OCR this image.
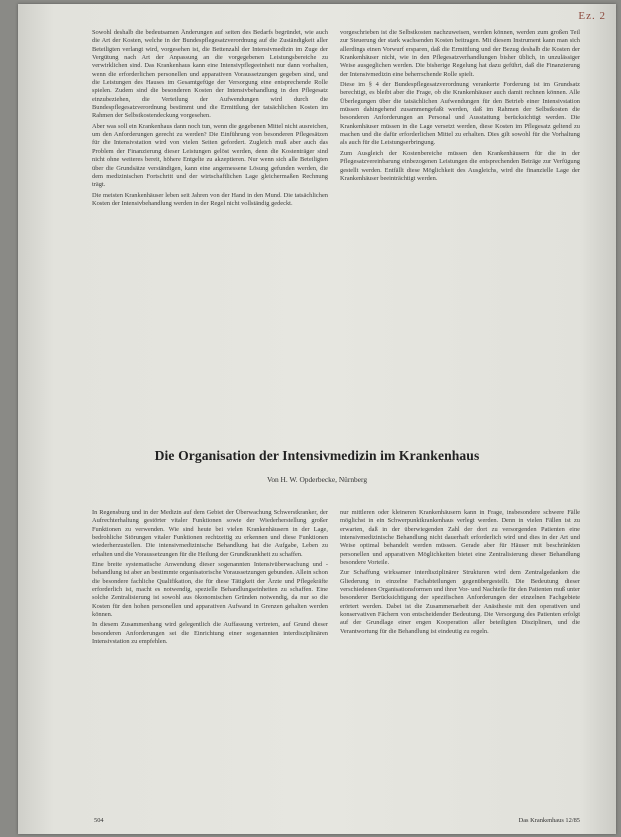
Ez. 2

Sowohl deshalb die bedeutsamen Änderungen auf seiten des Bedarfs begründet, wie auch die Art der Kosten, welche in der Bundespflegesatzverordnung auf die Zuständigkeit aller Beteiligten verlangt wird, vorgesehen ist, die Bettenzahl der Intensivmedizin im Zuge der Vergütung nach Art der Anpassung an die vorgegebenen Leistungsbereiche zu verwirklichen sind. Das Krankenhaus kann eine Intensivpflegeeinheit nur dann vorhalten, wenn die erforderlichen personellen und apparativen Voraussetzungen gegeben sind, und die Leistungen des Hauses im Gesamtgefüge der Versorgung eine entsprechende Rolle spielen. Zudem sind die besonderen Kosten der Intensivbehandlung in den Pflegesatz einzubeziehen, die Verteilung der Aufwendungen wird durch die Bundespflegesatzverordnung bestimmt und die Ermittlung der tatsächlichen Kosten im Rahmen der Selbstkostendeckung vorgesehen.

Aber was soll ein Krankenhaus dann noch tun, wenn die gegebenen Mittel nicht ausreichen, um den Anforderungen gerecht zu werden? Die Einführung von besonderen Pflegesätzen für die Intensivstation wird von vielen Seiten gefordert. Zugleich muß aber auch das Problem der Finanzierung dieser Leistungen gelöst werden, denn die Kostenträger sind nicht ohne weiteres bereit, höhere Entgelte zu akzeptieren. Nur wenn sich alle Beteiligten über die Grundsätze verständigen, kann eine angemessene Lösung gefunden werden, die dem medizinischen Fortschritt und der wirtschaftlichen Lage gleichermaßen Rechnung trägt.

Die meisten Krankenhäuser leben seit Jahren von der Hand in den Mund. Die tatsächlichen Kosten der Intensivbehandlung werden in der Regel nicht vollständig gedeckt.

vorgeschrieben ist die Selbstkosten nachzuweisen, werden können, werden zum großen Teil zur Steuerung der stark wachsenden Kosten beitragen. Mit diesem Instrument kann man sich allerdings einen Vorwurf ersparen, daß die Ermittlung und der Bezug deshalb die Kosten der Krankenhäuser nicht, wie in den Pflegesatzverhandlungen bisher üblich, in unzulässiger Weise ausgeglichen werden. Die bisherige Regelung hat dazu geführt, daß die Finanzierung der Intensivmedizin eine beherrschende Rolle spielt.

Diese im § 4 der Bundespflegesatzverordnung verankerte Forderung ist im Grundsatz berechtigt, es bleibt aber die Frage, ob die Krankenhäuser auch damit rechnen können. Alle Überlegungen über die tatsächlichen Aufwendungen für den Betrieb einer Intensivstation müssen dahingehend zusammengefaßt werden, daß im Rahmen der Selbstkosten die besonderen Anforderungen an Personal und Ausstattung berücksichtigt werden. Die Krankenhäuser müssen in die Lage versetzt werden, diese Kosten im Pflegesatz geltend zu machen und die dafür erforderlichen Mittel zu erhalten. Dies gilt sowohl für die Vorhaltung als auch für die Leistungserbringung.

Zum Ausgleich der Kostenbereiche müssen den Krankenhäusern für die in der Pflegesatzvereinbarung einbezogenen Leistungen die entsprechenden Beträge zur Verfügung gestellt werden. Entfällt diese Möglichkeit des Ausgleichs, wird die finanzielle Lage der Krankenhäuser beeinträchtigt werden.

Die Organisation der Intensivmedizin im Krankenhaus
Von H. W. Opderbecke, Nürnberg

In Regensburg und in der Medizin auf dem Gebiet der Überwachung Schwerstkranker, der Aufrechterhaltung gestörter vitaler Funktionen sowie der Wiederherstellung großer Funktionen zu verwenden. Wie sind heute bei vielen Krankenhäusern in der Lage, bedrohliche Störungen vitaler Funktionen rechtzeitig zu erkennen und diese Funktionen wiederherzustellen. Die intensivmedizinische Behandlung hat die Aufgabe, Leben zu erhalten und die Voraussetzungen für die Heilung der Grundkrankheit zu schaffen.

Eine breite systematische Anwendung dieser sogenannten Intensivüberwachung und -behandlung ist aber an bestimmte organisatorische Voraussetzungen gebunden. Allein schon die besondere fachliche Qualifikation, die für diese Tätigkeit der Ärzte und Pflegekräfte erforderlich ist, macht es notwendig, spezielle Behandlungseinheiten zu schaffen. Eine solche Zentralisierung ist sowohl aus ökonomischen Gründen notwendig, da nur so die Kosten für den hohen personellen und apparativen Aufwand in Grenzen gehalten werden können.

In diesem Zusammenhang wird gelegentlich die Auffassung vertreten, auf Grund dieser besonderen Anforderungen sei die Einrichtung einer sogenannten interdisziplinären Intensivstation zu empfehlen.

nur mittleren oder kleineren Krankenhäusern kann in Frage, insbesondere schwere Fälle möglichst in ein Schwerpunktkrankenhaus verlegt werden. Denn in vielen Fällen ist zu erwarten, daß in der überwiegenden Zahl der dort zu versorgenden Patienten eine intensivmedizinische Behandlung nicht dauerhaft erforderlich wird und dies in der Art und Weise optimal behandelt werden müssen. Gerade aber für Häuser mit beschränkten personellen und apparativen Möglichkeiten bietet eine Zentralisierung dieser Behandlung besondere Vorteile.

Zur Schaffung wirksamer interdisziplinärer Strukturen wird dem Zentralgedanken die Gliederung in einzelne Fachabteilungen gegenübergestellt. Die Bedeutung dieser verschiedenen Organisationsformen und ihrer Vor- und Nachteile für den Patienten muß unter besonderer Berücksichtigung der spezifischen Anforderungen der einzelnen Fachgebiete erörtert werden. Dabei ist die Zusammenarbeit der Anästhesie mit den operativen und konservativen Fächern von entscheidender Bedeutung. Die Versorgung des Patienten erfolgt auf der Grundlage einer engen Kooperation aller beteiligten Disziplinen, und die Verantwortung für die Behandlung ist eindeutig zu regeln.

504	Das Krankenhaus 12/85
